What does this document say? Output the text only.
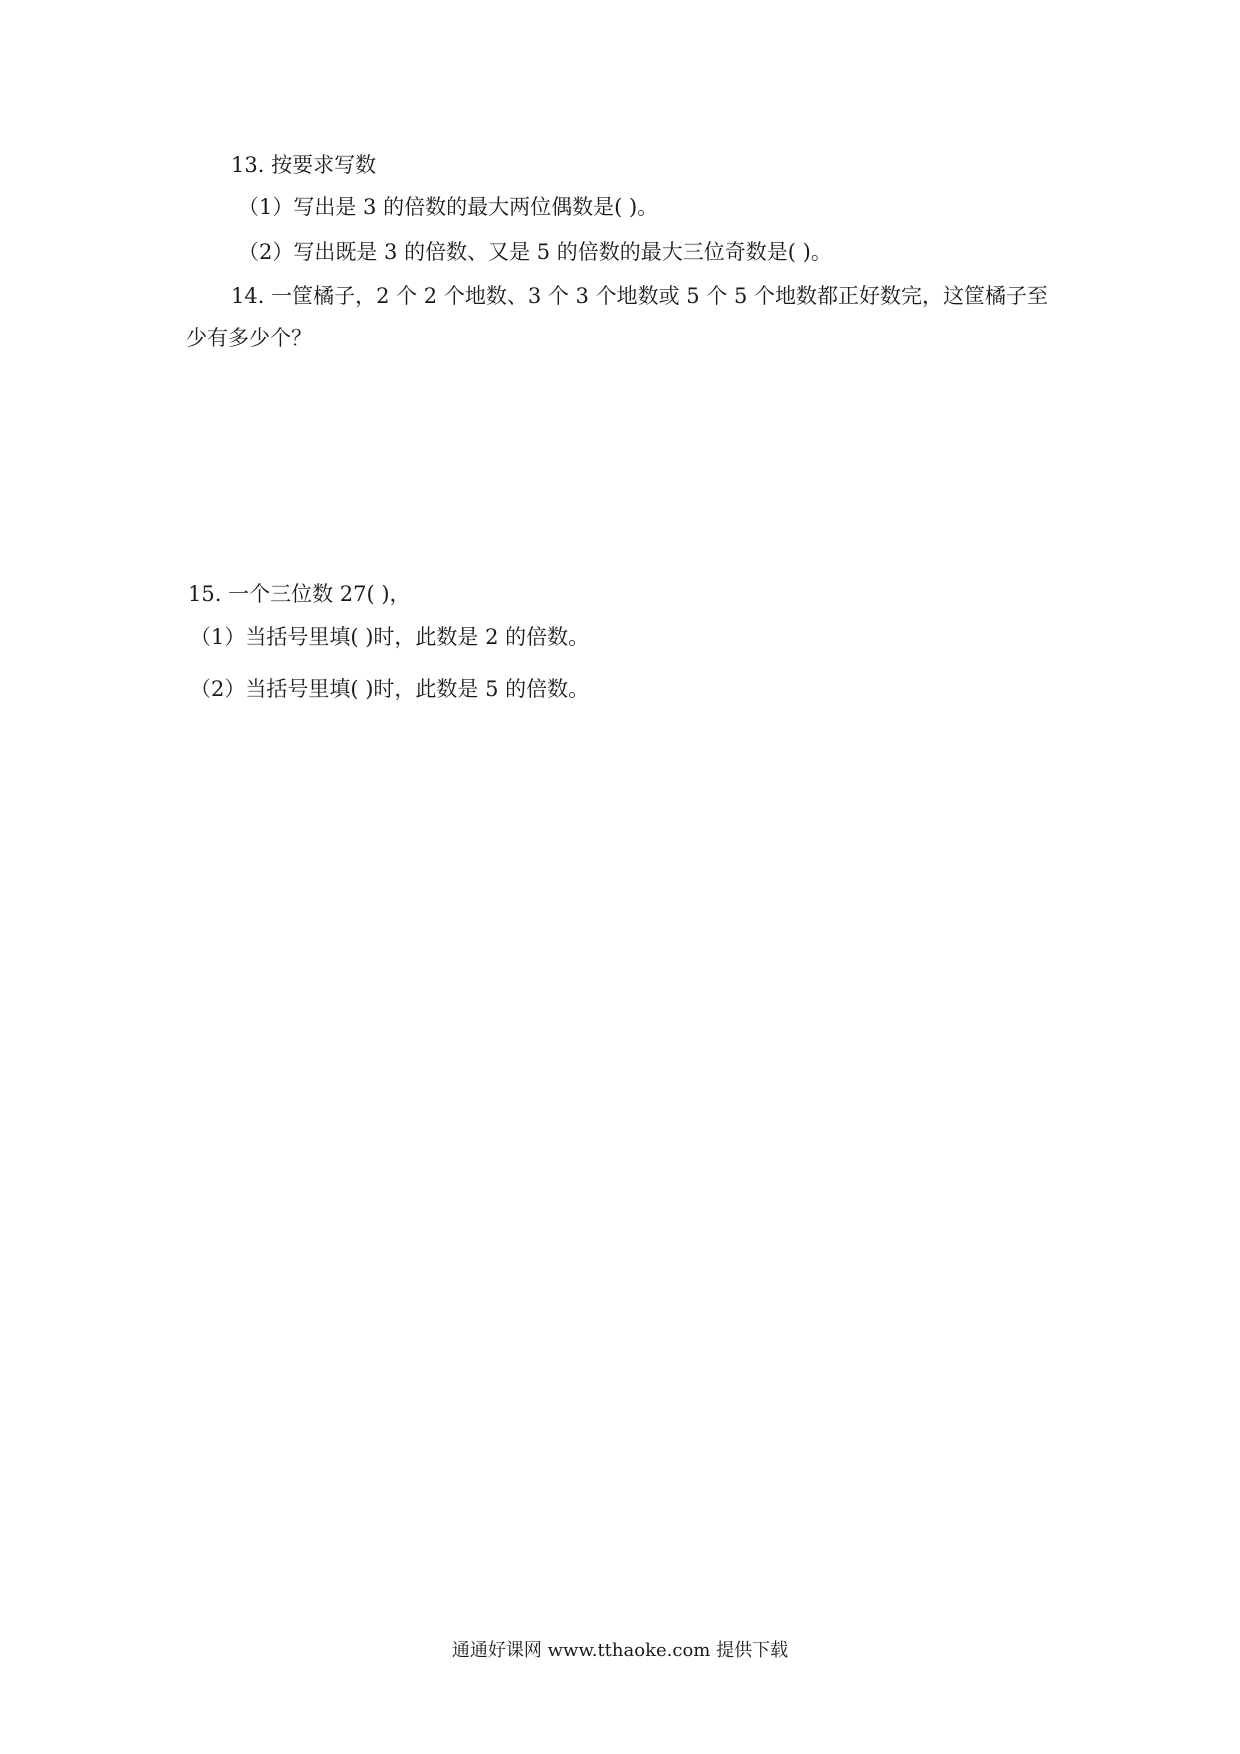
13. 按要求写数
（1）写出是 3 的倍数的最大两位偶数是( )。
（2）写出既是 3 的倍数、又是 5 的倍数的最大三位奇数是( )。
14. 一筐橘子，2 个 2 个地数、3 个 3 个地数或 5 个 5 个地数都正好数完，这筐橘子至
少有多少个？
15. 一个三位数 27( )，
（1）当括号里填( )时，此数是 2 的倍数。
（2）当括号里填( )时，此数是 5 的倍数。
通通好课网 www.tthaoke.com 提供下载
